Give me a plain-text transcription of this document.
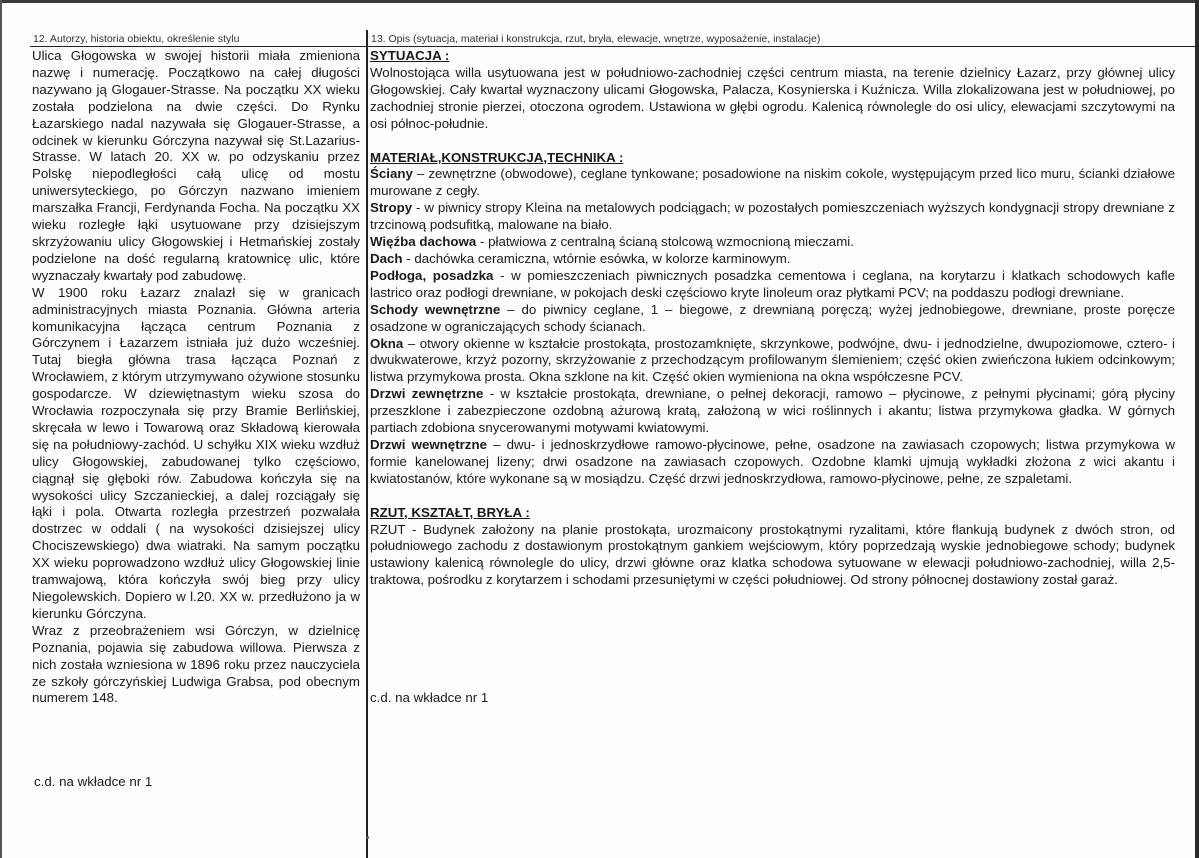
12. Autorzy, historia obiektu, określenie stylu	13. Opis (sytuacja, materiał i konstrukcja, rzut, bryła, elewacje, wnętrze, wyposażenie, instalacje)

Ulica Głogowska w swojej historii miała zmieniona nazwę i numerację. Początkowo na całej długości nazywano ją Glogauer-Strasse. Na początku XX wieku została podzielona na dwie części. Do Rynku Łazarskiego nadal nazywała się Glogauer-Strasse, a odcinek w kierunku Górczyna nazywał się St.Lazarius-Strasse. W latach 20. XX w. po odzyskaniu przez Polskę niepodległości całą ulicę od mostu uniwersyteckiego, po Górczyn nazwano imieniem marszałka Francji, Ferdynanda Focha. Na początku XX wieku rozległe łąki usytuowane przy dzisiejszym skrzyżowaniu ulicy Głogowskiej i Hetmańskiej zostały podzielone na dość regularną kratownicę ulic, które wyznaczały kwartały pod zabudowę.

W 1900 roku Łazarz znalazł się w granicach administracyjnych miasta Poznania. Główna arteria komunikacyjna łącząca centrum Poznania z Górczynem i Łazarzem istniała już dużo wcześniej. Tutaj biegła główna trasa łącząca Poznań z Wrocławiem, z którym utrzymywano ożywione stosunku gospodarcze. W dziewiętnastym wieku szosa do Wrocławia rozpoczynała się przy Bramie Berlińskiej, skręcała w lewo i Towarową oraz Składową kierowała się na południowy-zachód. U schyłku XIX wieku wzdłuż ulicy Głogowskiej, zabudowanej tylko częściowo, ciągnął się głęboki rów. Zabudowa kończyła się na wysokości ulicy Szczanieckiej, a dalej rozciągały się łąki i pola. Otwarta rozległa przestrzeń pozwalała dostrzec w oddali ( na wysokości dzisiejszej ulicy Chociszewskiego) dwa wiatraki. Na samym początku XX wieku poprowadzono wzdłuż ulicy Głogowskiej linie tramwajową, która kończyła swój bieg przy ulicy Niegolewskich. Dopiero w l.20. XX w. przedłużono ja w kierunku Górczyna.

Wraz z przeobrażeniem wsi Górczyn, w dzielnicę Poznania, pojawia się zabudowa willowa. Pierwsza z nich została wzniesiona w 1896 roku przez nauczyciela ze szkoły górczyńskiej Ludwiga Grabsa, pod obecnym numerem 148.

c.d. na wkładce nr 1

SYTUACJA :

Wolnostojąca willa usytuowana jest w południowo-zachodniej części centrum miasta, na terenie dzielnicy Łazarz, przy głównej ulicy Głogowskiej. Cały kwartał wyznaczony ulicami Głogowska, Palacza, Kosynierska i Kuźnicza. Willa zlokalizowana jest w południowej, po zachodniej stronie pierzei, otoczona ogrodem. Ustawiona w głębi ogrodu. Kalenicą równolegle do osi ulicy, elewacjami szczytowymi na osi północ-południe.

MATERIAŁ,KONSTRUKCJA,TECHNIKA :

Ściany – zewnętrzne (obwodowe), ceglane tynkowane; posadowione na niskim cokole, występującym przed lico muru, ścianki działowe murowane z cegły.

Stropy - w piwnicy stropy Kleina na metalowych podciągach; w pozostałych pomieszczeniach wyższych kondygnacji stropy drewniane z trzcinową podsufitką, malowane na biało.

Więźba dachowa - płatwiowa z centralną ścianą stolcową wzmocnioną mieczami.

Dach - dachówka ceramiczna, wtórnie esówka, w kolorze karminowym.

Podłoga, posadzka - w pomieszczeniach piwnicznych posadzka cementowa i ceglana, na korytarzu i klatkach schodowych kafle lastrico oraz podłogi drewniane, w pokojach deski częściowo kryte linoleum oraz płytkami PCV; na poddaszu podłogi drewniane.

Schody wewnętrzne – do piwnicy ceglane, 1 – biegowe, z drewnianą poręczą; wyżej jednobiegowe, drewniane, proste poręcze osadzone w ograniczających schody ścianach.

Okna – otwory okienne w kształcie prostokąta, prostozamknięte, skrzynkowe, podwójne, dwu- i jednodzielne, dwupoziomowe, cztero- i dwukwaterowe, krzyż pozorny, skrzyżowanie z przechodzącym profilowanym ślemieniem; część okien zwieńczona łukiem odcinkowym; listwa przymykowa prosta. Okna szklone na kit. Część okien wymieniona na okna współczesne PCV.

Drzwi zewnętrzne - w kształcie prostokąta, drewniane, o pełnej dekoracji, ramowo – płycinowe, z pełnymi płycinami; górą płyciny przeszklone i zabezpieczone ozdobną ażurową kratą, założoną w wici roślinnych i akantu; listwa przymykowa gładka. W górnych partiach zdobiona snycerowanymi motywami kwiatowymi.

Drzwi wewnętrzne – dwu- i jednoskrzydłowe ramowo-płycinowe, pełne, osadzone na zawiasach czopowych; listwa przymykowa w formie kanelowanej lizeny; drwi osadzone na zawiasach czopowych. Ozdobne klamki ujmują wykładki złożona z wici akantu i kwiatostanów, które wykonane są w mosiądzu. Część drzwi jednoskrzydłowa, ramowo-płycinowe, pełne, ze szpaletami.

RZUT, KSZTAŁT, BRYŁA :

RZUT - Budynek założony na planie prostokąta, urozmaicony prostokątnymi ryzalitami, które flankują budynek z dwóch stron, od południowego zachodu z dostawionym prostokątnym gankiem wejściowym, który poprzedzają wyskie jednobiegowe schody; budynek ustawiony kalenicą równolegle do ulicy, drzwi główne oraz klatka schodowa sytuowane w elewacji południowo-zachodniej, willa 2,5- traktowa, pośrodku z korytarzem i schodami przesuniętymi w części południowej. Od strony północnej dostawiony został garaż.

c.d. na wkładce nr 1
